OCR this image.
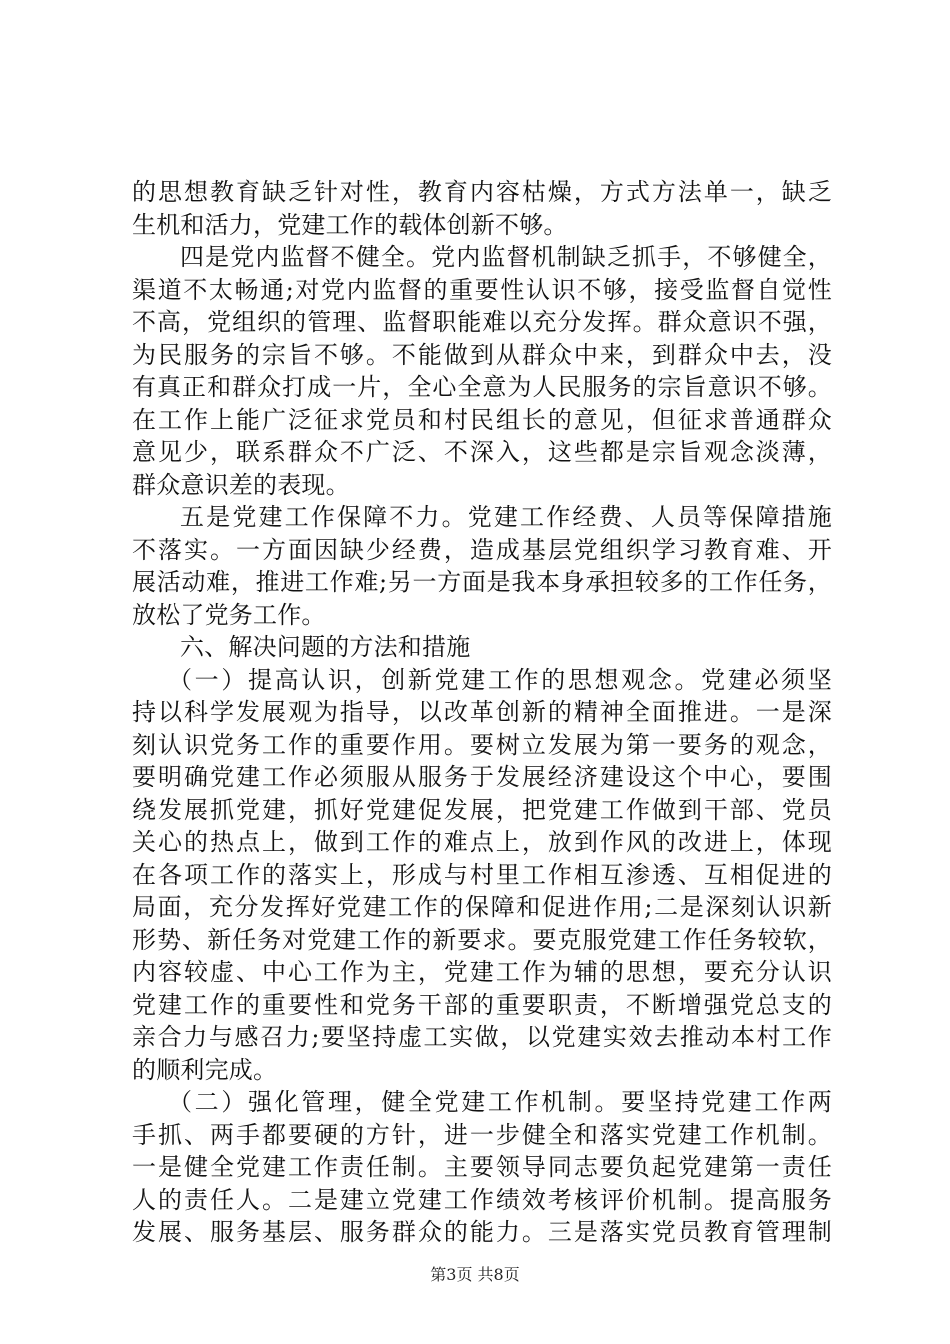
的思想教育缺乏针对性，教育内容枯燥，方式方法单一，缺乏
生机和活力，党建工作的载体创新不够。
四是党内监督不健全。党内监督机制缺乏抓手，不够健全，
渠道不太畅通;对党内监督的重要性认识不够，接受监督自觉性
不高，党组织的管理、监督职能难以充分发挥。群众意识不强，
为民服务的宗旨不够。不能做到从群众中来，到群众中去，没
有真正和群众打成一片，全心全意为人民服务的宗旨意识不够。
在工作上能广泛征求党员和村民组长的意见，但征求普通群众
意见少，联系群众不广泛、不深入，这些都是宗旨观念淡薄，
群众意识差的表现。
五是党建工作保障不力。党建工作经费、人员等保障措施
不落实。一方面因缺少经费，造成基层党组织学习教育难、开
展活动难，推进工作难;另一方面是我本身承担较多的工作任务，
放松了党务工作。
六、解决问题的方法和措施
（一）提高认识，创新党建工作的思想观念。党建必须坚
持以科学发展观为指导，以改革创新的精神全面推进。一是深
刻认识党务工作的重要作用。要树立发展为第一要务的观念，
要明确党建工作必须服从服务于发展经济建设这个中心，要围
绕发展抓党建，抓好党建促发展，把党建工作做到干部、党员
关心的热点上，做到工作的难点上，放到作风的改进上，体现
在各项工作的落实上，形成与村里工作相互渗透、互相促进的
局面，充分发挥好党建工作的保障和促进作用;二是深刻认识新
形势、新任务对党建工作的新要求。要克服党建工作任务较软，
内容较虚、中心工作为主，党建工作为辅的思想，要充分认识
党建工作的重要性和党务干部的重要职责，不断增强党总支的
亲合力与感召力;要坚持虚工实做，以党建实效去推动本村工作
的顺利完成。
（二）强化管理，健全党建工作机制。要坚持党建工作两
手抓、两手都要硬的方针，进一步健全和落实党建工作机制。
一是健全党建工作责任制。主要领导同志要负起党建第一责任
人的责任人。二是建立党建工作绩效考核评价机制。提高服务
发展、服务基层、服务群众的能力。三是落实党员教育管理制
第3页 共8页
